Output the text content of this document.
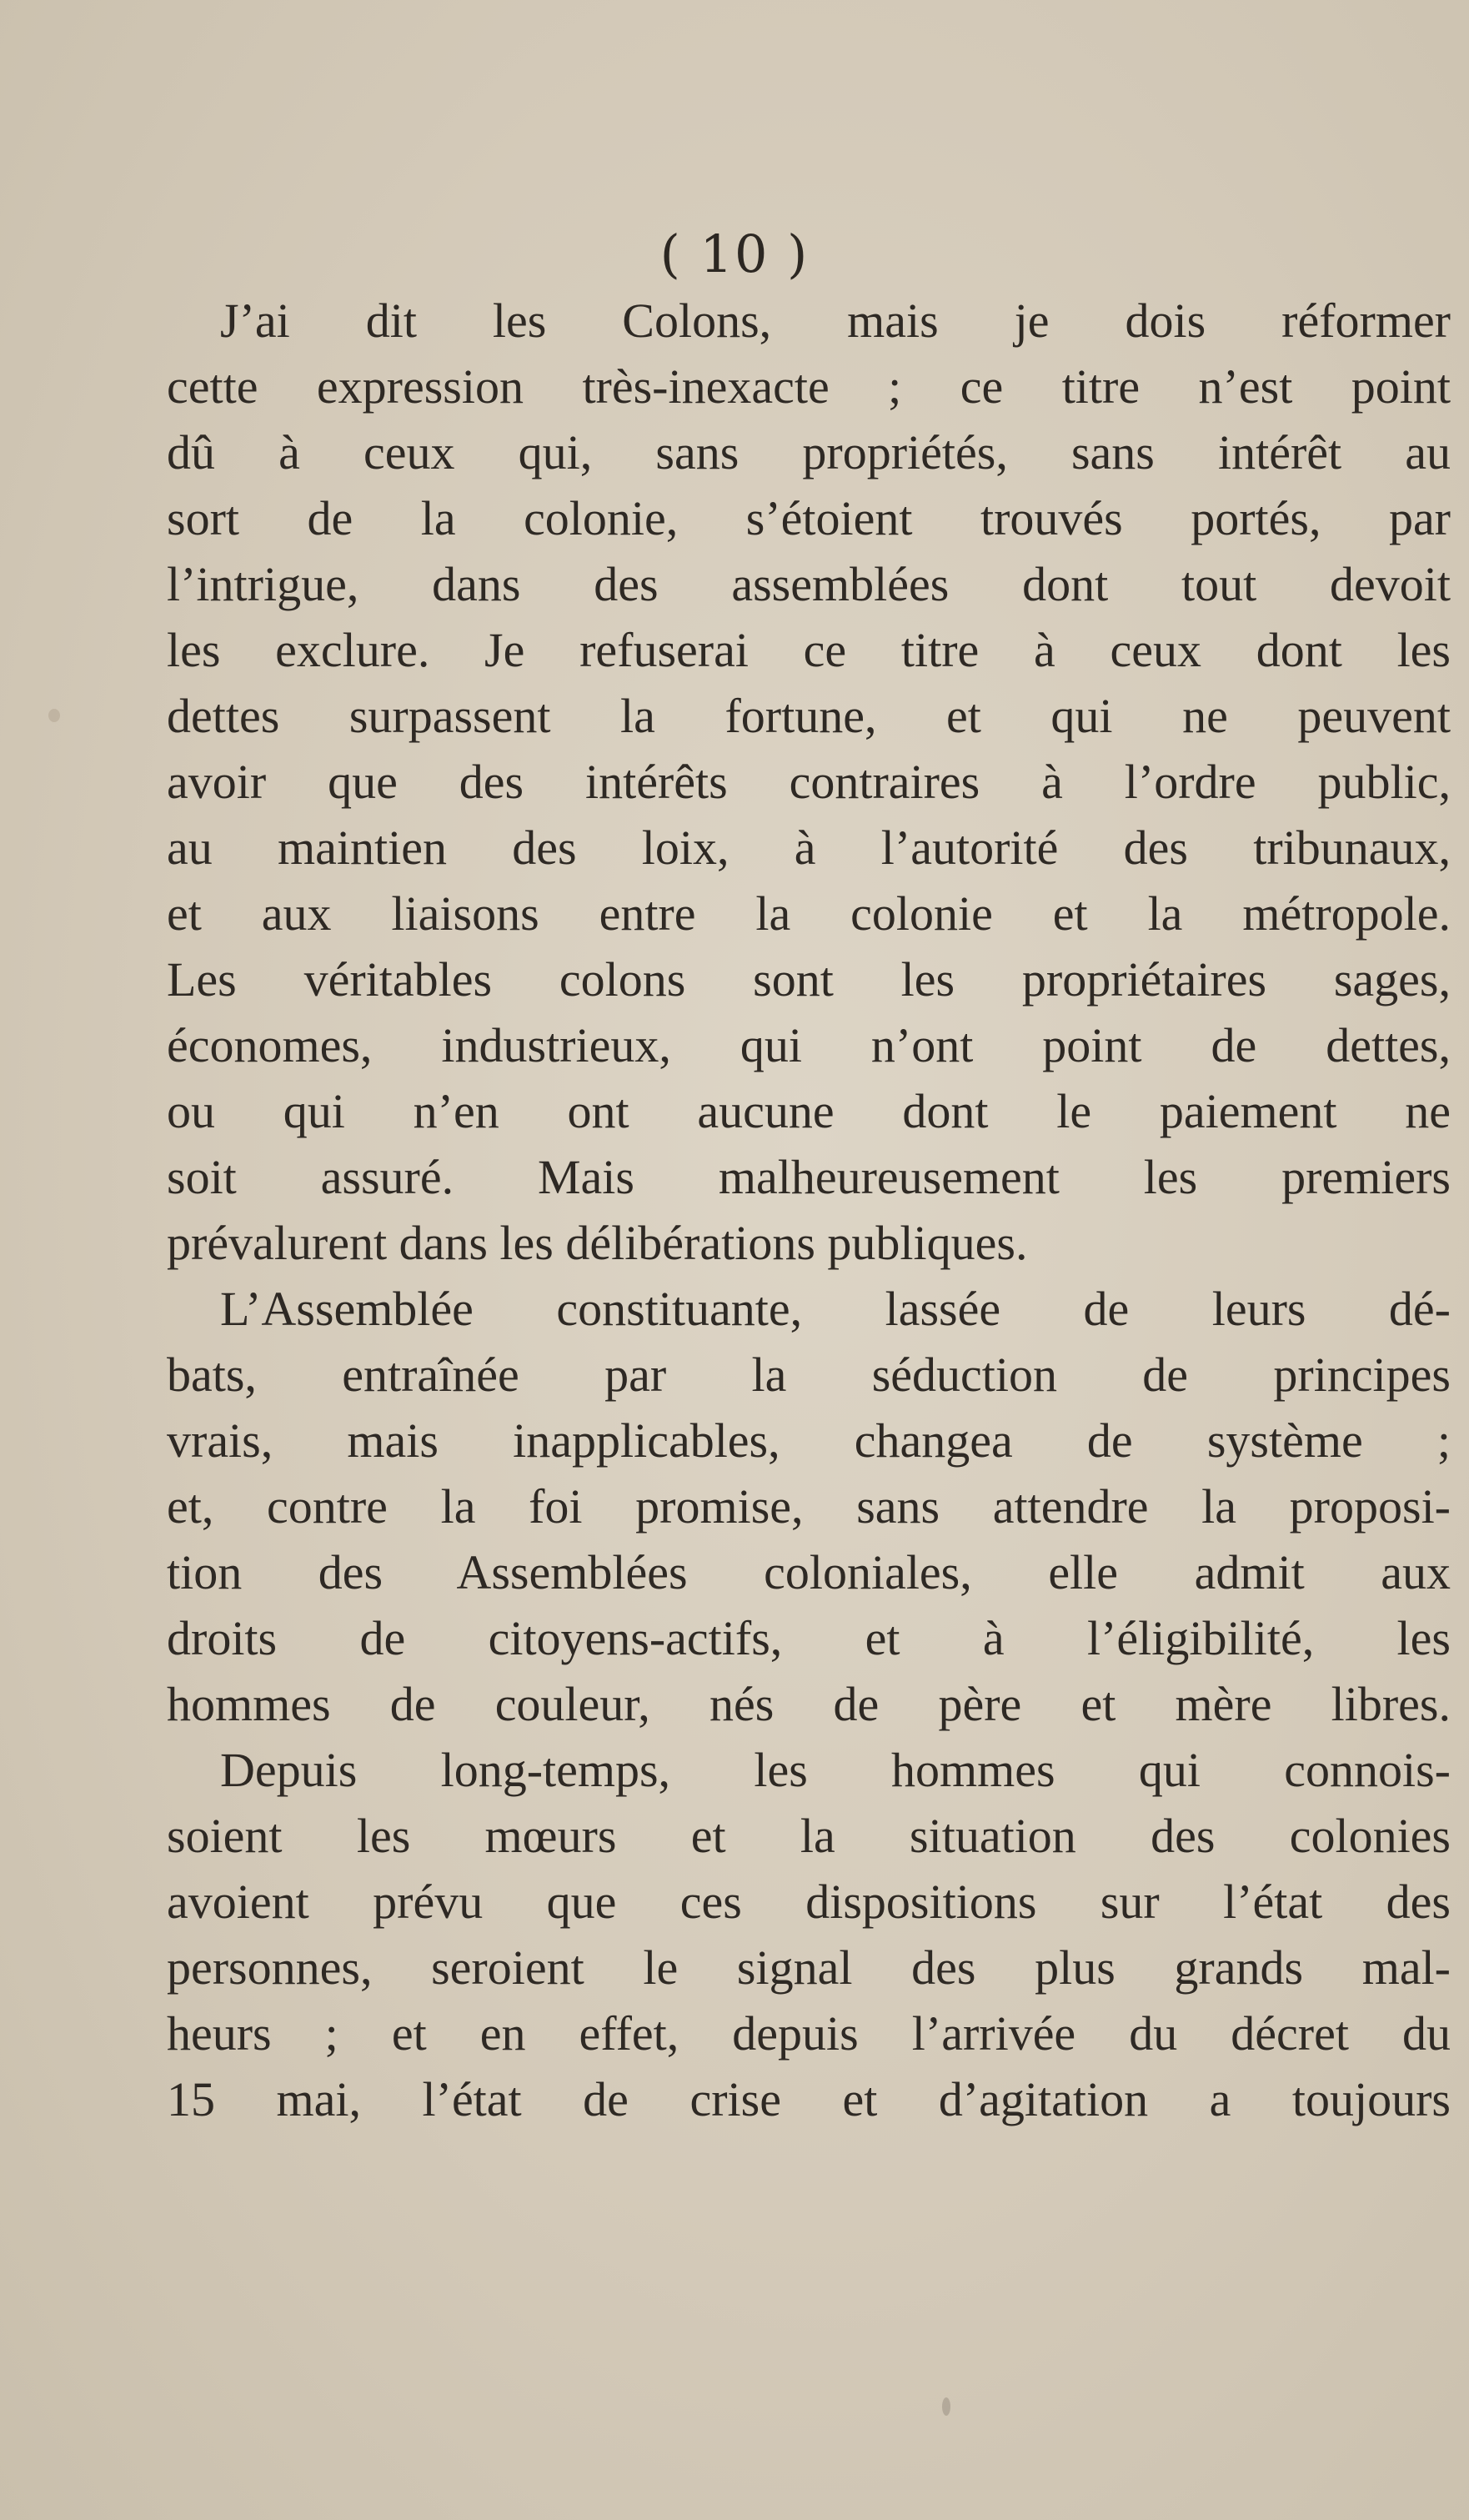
( 10 )
J’ai dit les Colons, mais je dois réformer
cette expression très-inexacte ; ce titre n’est point
dû à ceux qui, sans propriétés, sans intérêt au
sort de la colonie, s’étoient trouvés portés, par
l’intrigue, dans des assemblées dont tout devoit
les exclure. Je refuserai ce titre à ceux dont les
dettes surpassent la fortune, et qui ne peuvent
avoir que des intérêts contraires à l’ordre public,
au maintien des loix, à l’autorité des tribunaux,
et aux liaisons entre la colonie et la métropole.
Les véritables colons sont les propriétaires sages,
économes, industrieux, qui n’ont point de dettes,
ou qui n’en ont aucune dont le paiement ne
soit assuré. Mais malheureusement les premiers
prévalurent dans les délibérations publiques.
L’Assemblée constituante, lassée de leurs dé-
bats, entraînée par la séduction de principes
vrais, mais inapplicables, changea de système ;
et, contre la foi promise, sans attendre la proposi-
tion des Assemblées coloniales, elle admit aux
droits de citoyens-actifs, et à l’éligibilité, les
hommes de couleur, nés de père et mère libres.
Depuis long-temps, les hommes qui connois-
soient les mœurs et la situation des colonies
avoient prévu que ces dispositions sur l’état des
personnes, seroient le signal des plus grands mal-
heurs ; et en effet, depuis l’arrivée du décret du
15 mai, l’état de crise et d’agitation a toujours
